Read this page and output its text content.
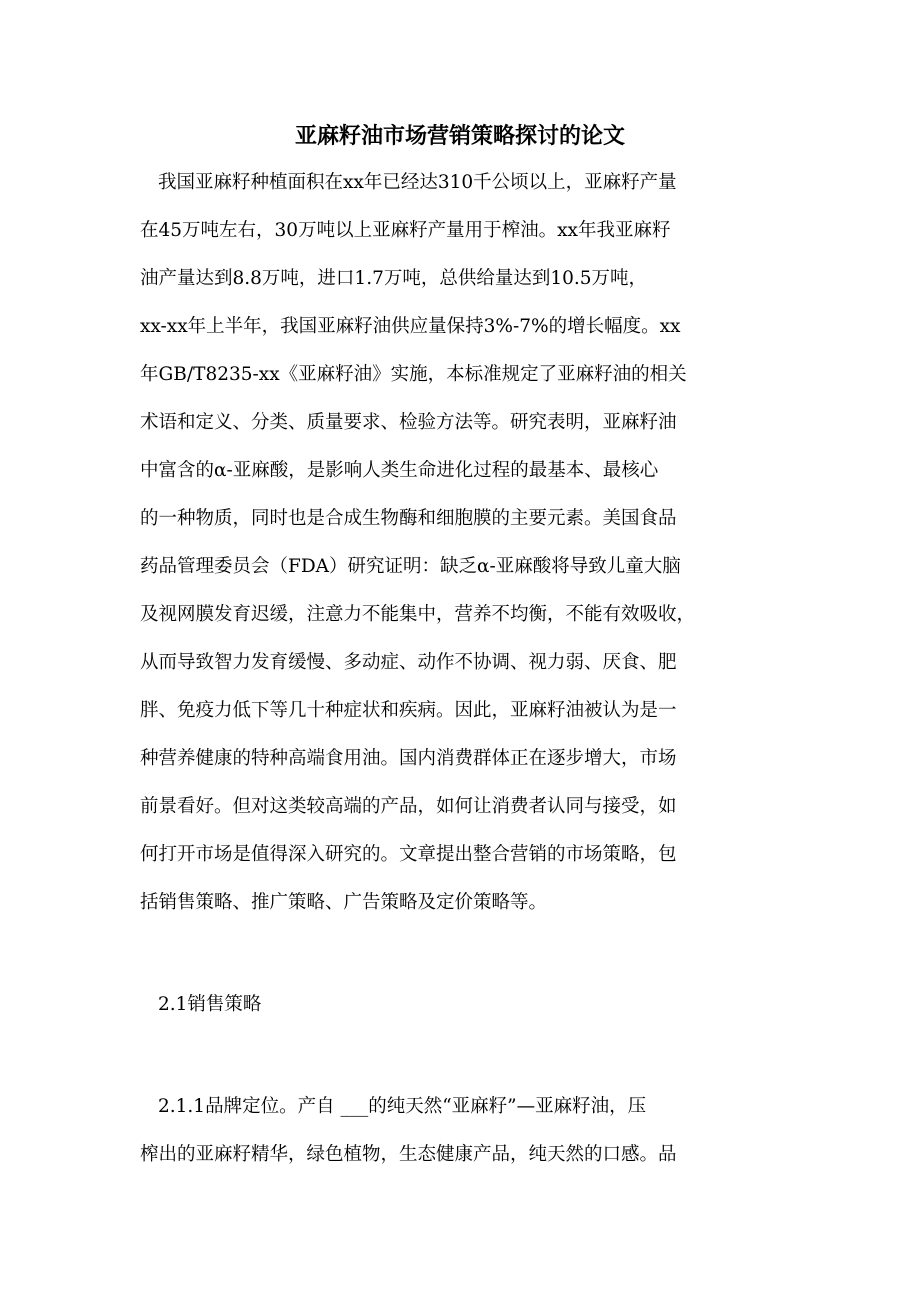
亚麻籽油市场营销策略探讨的论文
我国亚麻籽种植面积在xx年已经达310千公顷以上，亚麻籽产量
在45万吨左右，30万吨以上亚麻籽产量用于榨油。xx年我亚麻籽
油产量达到8.8万吨，进口1.7万吨，总供给量达到10.5万吨，
xx-xx年上半年，我国亚麻籽油供应量保持3%-7%的增长幅度。xx
年GB/T8235-xx《亚麻籽油》实施，本标准规定了亚麻籽油的相关
术语和定义、分类、质量要求、检验方法等。研究表明，亚麻籽油
中富含的α-亚麻酸，是影响人类生命进化过程的最基本、最核心
的一种物质，同时也是合成生物酶和细胞膜的主要元素。美国食品
药品管理委员会（FDA）研究证明：缺乏α-亚麻酸将导致儿童大脑
及视网膜发育迟缓，注意力不能集中，营养不均衡，不能有效吸收，
从而导致智力发育缓慢、多动症、动作不协调、视力弱、厌食、肥
胖、免疫力低下等几十种症状和疾病。因此，亚麻籽油被认为是一
种营养健康的特种高端食用油。国内消费群体正在逐步增大，市场
前景看好。但对这类较高端的产品，如何让消费者认同与接受，如
何打开市场是值得深入研究的。文章提出整合营销的市场策略，包
括销售策略、推广策略、广告策略及定价策略等。
2.1销售策略
2.1.1品牌定位。产自 ___的纯天然“亚麻籽”—亚麻籽油，压
榨出的亚麻籽精华，绿色植物，生态健康产品，纯天然的口感。品
